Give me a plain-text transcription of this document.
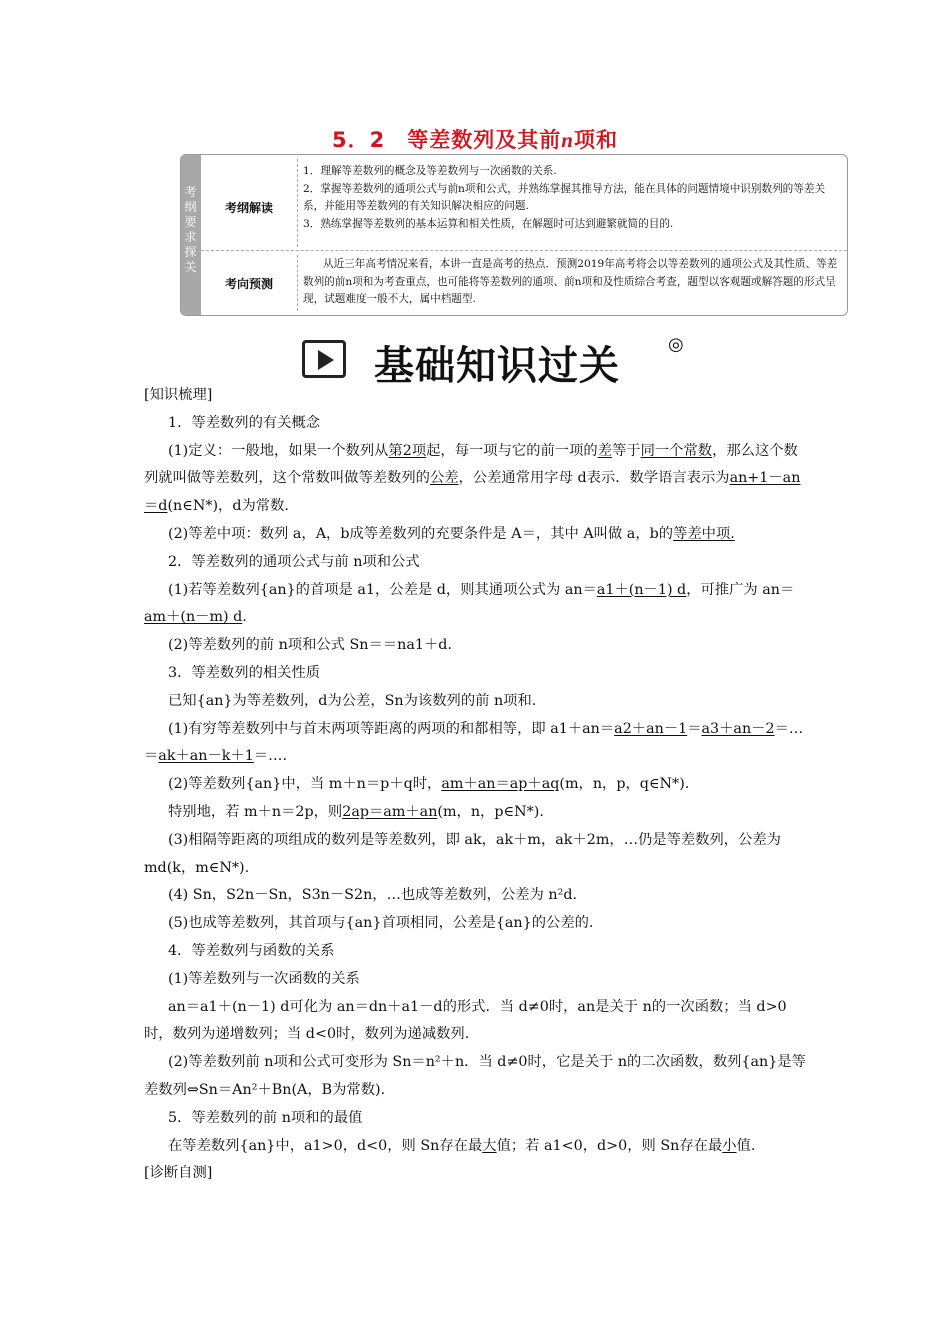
5．2　等差数列及其前n项和
考纲要求探关
考纲解读
1．理解等差数列的概念及等差数列与一次函数的关系.
2．掌握等差数列的通项公式与前n项和公式，并熟练掌握其推导方法，能在具体的问题情境中识别数列的等差关系，并能用等差数列的有关知识解决相应的问题.
3．熟练掌握等差数列的基本运算和相关性质，在解题时可达到避繁就简的目的.
考向预测
从近三年高考情况来看，本讲一直是高考的热点．预测2019年高考将会以等差数列的通项公式及其性质、等差数列的前n项和为考查重点，也可能将等差数列的通项、前n项和及性质综合考查，题型以客观题或解答题的形式呈现，试题难度一般不大，属中档题型.
基础知识过关	◎

[知识梳理]

1．等差数列的有关概念

(1)定义：一般地，如果一个数列从第2项起，每一项与它的前一项的差等于同一个常数，那么这个数列就叫做等差数列，这个常数叫做等差数列的公差，公差通常用字母 d表示．数学语言表示为an+1－an＝d(n∈N*)，d为常数.

(2)等差中项：数列 a，A，b成等差数列的充要条件是 A＝，其中 A叫做 a，b的等差中项.

2．等差数列的通项公式与前 n项和公式

(1)若等差数列{an}的首项是 a1，公差是 d，则其通项公式为 an＝a1＋(n－1) d，可推广为 an＝am＋(n－m) d.

(2)等差数列的前 n项和公式 Sn＝＝na1＋d.

3．等差数列的相关性质

已知{an}为等差数列，d为公差，Sn为该数列的前 n项和.

(1)有穷等差数列中与首末两项等距离的两项的和都相等，即 a1＋an＝a2＋an－1＝a3＋an－2＝…＝ak＋an－k＋1＝….

(2)等差数列{an}中，当 m＋n＝p＋q时，am＋an＝ap＋aq(m，n，p，q∈N*).

特别地，若 m＋n＝2p，则2ap＝am＋an(m，n，p∈N*).

(3)相隔等距离的项组成的数列是等差数列，即 ak，ak＋m，ak＋2m，…仍是等差数列，公差为 md(k，m∈N*).

(4) Sn，S2n－Sn，S3n－S2n，…也成等差数列，公差为 n²d.

(5)也成等差数列，其首项与{an}首项相同，公差是{an}的公差的.

4．等差数列与函数的关系

(1)等差数列与一次函数的关系

an＝a1＋(n－1) d可化为 an＝dn＋a1－d的形式．当 d≠0时，an是关于 n的一次函数；当 d>0时，数列为递增数列；当 d<0时，数列为递减数列.

(2)等差数列前 n项和公式可变形为 Sn＝n²＋n．当 d≠0时，它是关于 n的二次函数，数列{an}是等差数列⇔Sn＝An²＋Bn(A，B为常数).

5．等差数列的前 n项和的最值

在等差数列{an}中，a1>0，d<0，则 Sn存在最大值；若 a1<0，d>0，则 Sn存在最小值.

[诊断自测]
